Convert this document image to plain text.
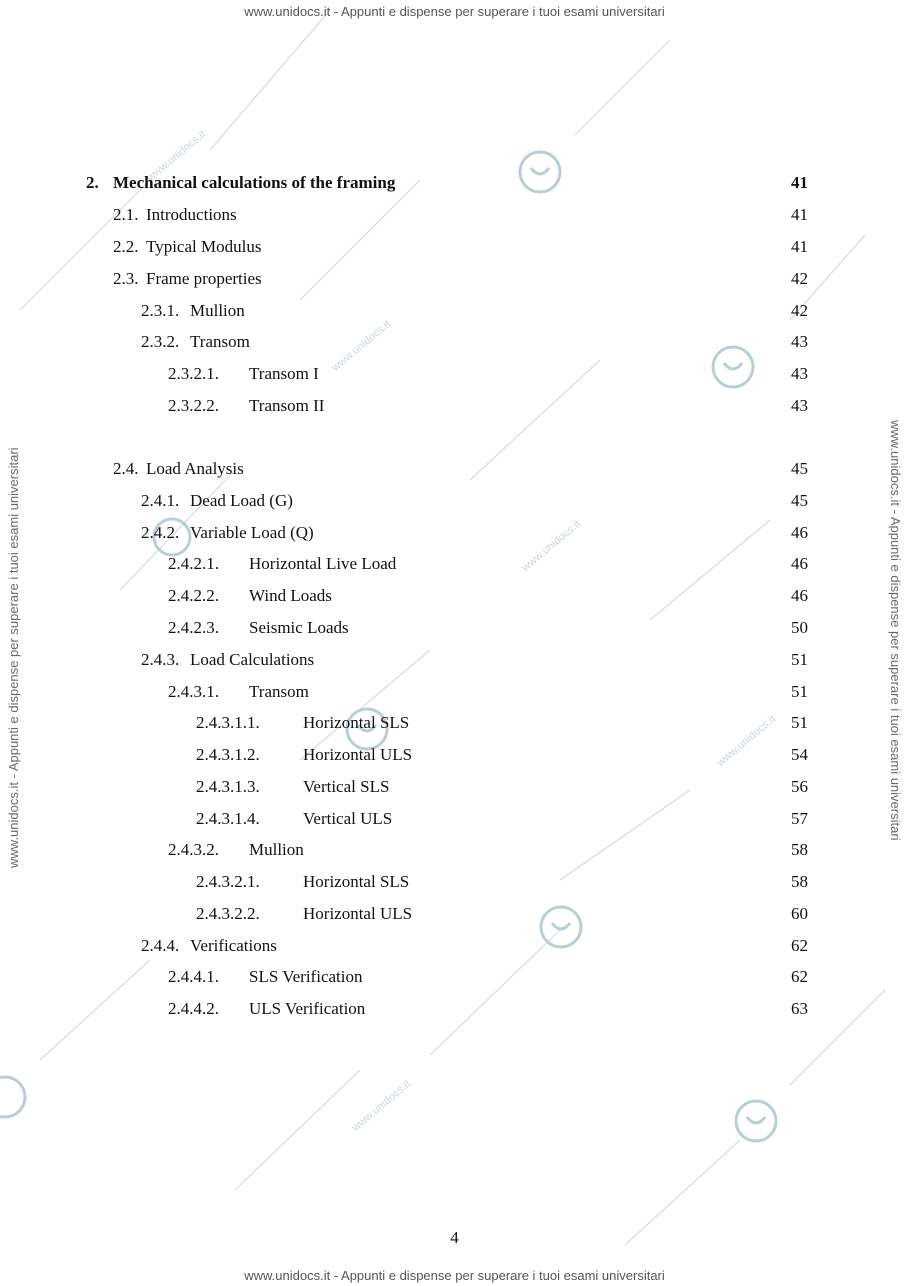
www.unidocs.it - Appunti e dispense per superare i tuoi esami universitari
www.unidocs.it - Appunti e dispense per superare i tuoi esami universitari
www.unidocs.it - Appunti e dispense per superare i tuoi esami universitari	www.unidocs.it - Appunti e dispense per superare i tuoi esami universitari
www.unidocs.it
www.unidocs.it
www.unidocs.it
www.unidocs.it
www.unidocs.it
2. Mechanical calculations of the framing	41
2.1. Introductions	41
2.2. Typical Modulus	41
2.3. Frame properties	42
2.3.1. Mullion	42
2.3.2. Transom	43
2.3.2.1. Transom I	43
2.3.2.2. Transom II	43
2.4. Load Analysis	45
2.4.1. Dead Load (G)	45
2.4.2. Variable Load (Q)	46
2.4.2.1. Horizontal Live Load	46
2.4.2.2. Wind Loads	46
2.4.2.3. Seismic Loads	50
2.4.3. Load Calculations	51
2.4.3.1. Transom	51
2.4.3.1.1.	Horizontal SLS	51
2.4.3.1.2.	Horizontal ULS	54
2.4.3.1.3.	Vertical SLS	56
2.4.3.1.4.	Vertical ULS	57
2.4.3.2. Mullion	58
2.4.3.2.1.	Horizontal SLS	58
2.4.3.2.2.	Horizontal ULS	60
2.4.4. Verifications	62
2.4.4.1. SLS Verification	62
2.4.4.2. ULS Verification	63
4
